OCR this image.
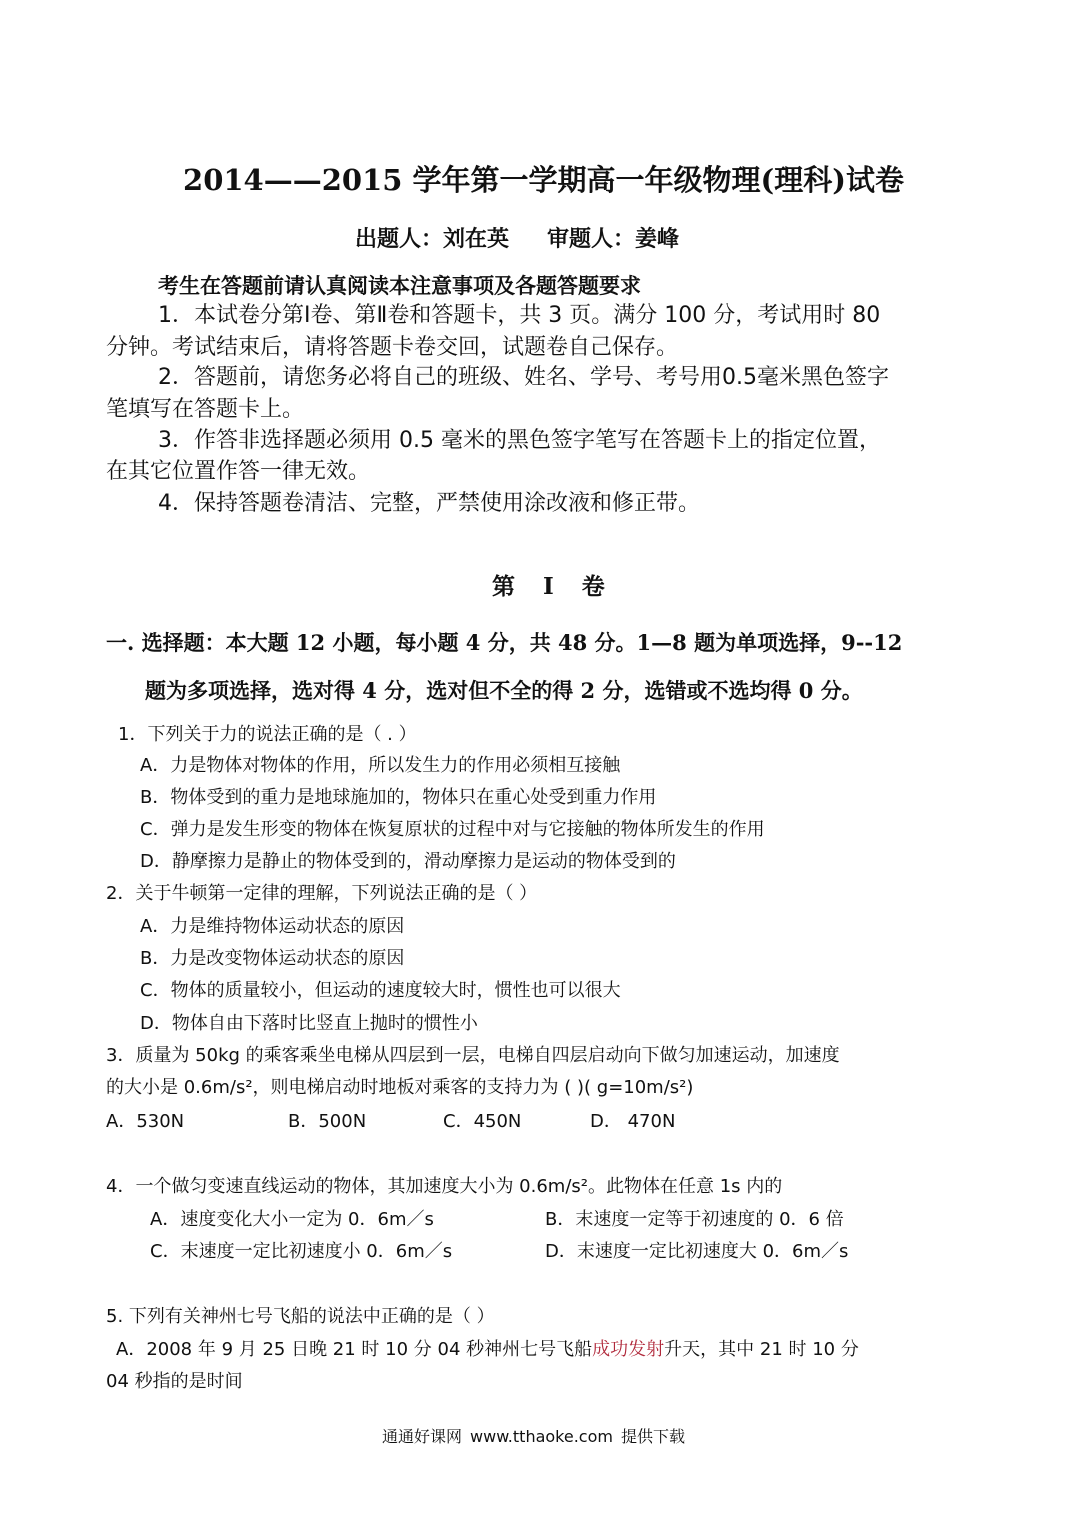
2014——2015 学年第一学期高一年级物理(理科)试卷
出题人：刘在英 审题人：姜峰
考生在答题前请认真阅读本注意事项及各题答题要求
1．本试卷分第Ⅰ卷、第Ⅱ卷和答题卡，共 3 页。满分 100 分，考试用时 80
分钟。考试结束后，请将答题卡卷交回，试题卷自己保存。
2．答题前，请您务必将自己的班级、姓名、学号、考号用0.5毫米黑色签字
笔填写在答题卡上。
3．作答非选择题必须用 0.5 毫米的黑色签字笔写在答题卡上的指定位置，
在其它位置作答一律无效。
4．保持答题卷清洁、完整，严禁使用涂改液和修正带。
第 I 卷
一. 选择题：本大题 12 小题，每小题 4 分，共 48 分。1—8 题为单项选择，9--12
题为多项选择，选对得 4 分，选对但不全的得 2 分，选错或不选均得 0 分。
1．下列关于力的说法正确的是（ . ）
A．力是物体对物体的作用，所以发生力的作用必须相互接触
B．物体受到的重力是地球施加的，物体只在重心处受到重力作用
C．弹力是发生形变的物体在恢复原状的过程中对与它接触的物体所发生的作用
D．静摩擦力是静止的物体受到的，滑动摩擦力是运动的物体受到的
2．关于牛顿第一定律的理解，下列说法正确的是（ ）
A．力是维持物体运动状态的原因
B．力是改变物体运动状态的原因
C．物体的质量较小，但运动的速度较大时，惯性也可以很大
D．物体自由下落时比竖直上抛时的惯性小
3．质量为 50kg 的乘客乘坐电梯从四层到一层，电梯自四层启动向下做匀加速运动，加速度
的大小是 0.6m/s²，则电梯启动时地板对乘客的支持力为 ( )( g=10m/s²)
A．530N	B．500N	C．450N	D． 470N
4．一个做匀变速直线运动的物体，其加速度大小为 0.6m/s²。此物体在任意 1s 内的
A．速度变化大小一定为 0．6m／s	B．末速度一定等于初速度的 0．6 倍
C．末速度一定比初速度小 0．6m／s	D．末速度一定比初速度大 0．6m／s
5. 下列有关神州七号飞船的说法中正确的是（ ）
A．2008 年 9 月 25 日晚 21 时 10 分 04 秒神州七号飞船成功发射升天，其中 21 时 10 分
04 秒指的是时间
通通好课网 www.tthaoke.com 提供下载
